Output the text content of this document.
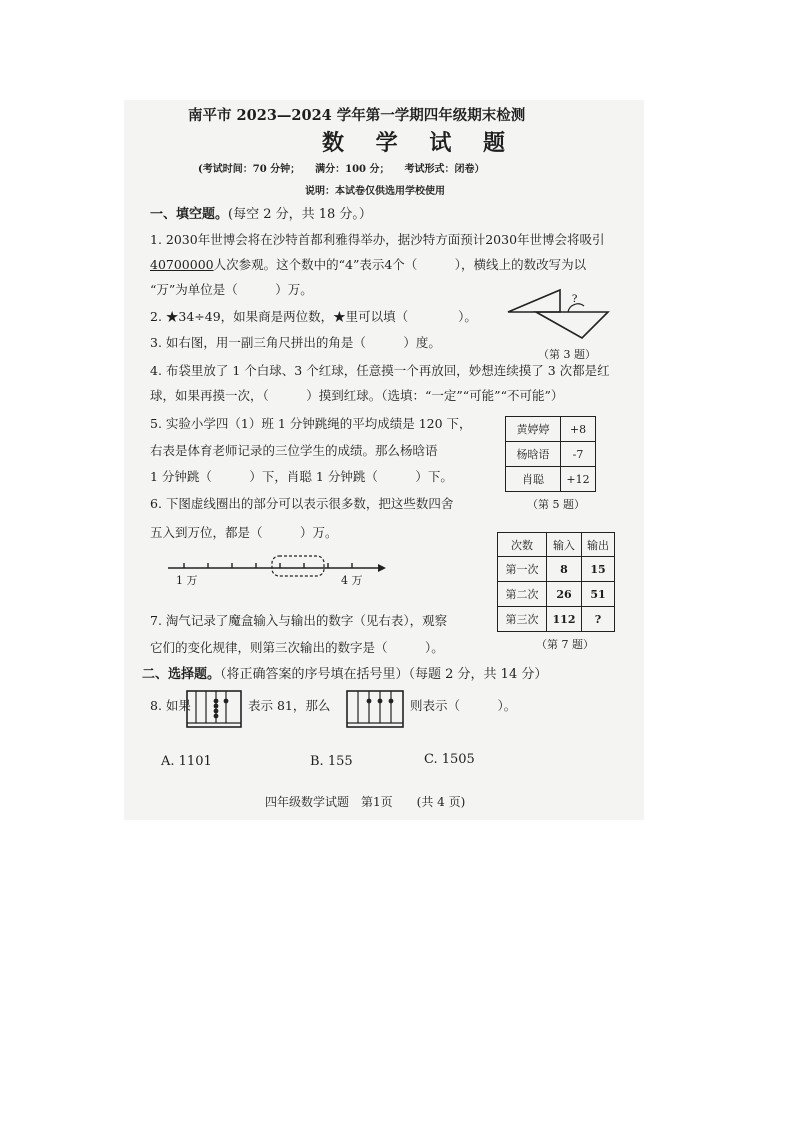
南平市 2023—2024 学年第一学期四年级期末检测
数 学 试 题
(考试时间：70 分钟；　　满分：100 分；　　考试形式：闭卷）
说明：本试卷仅供选用学校使用
一、填空题。(每空 2 分，共 18 分。）
1. 2030年世博会将在沙特首都利雅得举办，据沙特方面预计2030年世博会将吸引
40700000人次参观。这个数中的“4”表示4个（　　　），横线上的数改写为以
“万”为单位是（　　　）万。
?
2. ★34÷49，如果商是两位数，★里可以填（　　　　）。
3. 如右图，用一副三角尺拼出的角是（　　　）度。
（第 3 题）
4. 布袋里放了 1 个白球、3 个红球，任意摸一个再放回，妙想连续摸了 3 次都是红
球，如果再摸一次，（　　　）摸到红球。（选填：“一定”“可能”“不可能”）
5. 实验小学四（1）班 1 分钟跳绳的平均成绩是 120 下，
右表是体育老师记录的三位学生的成绩。那么杨晗语
1 分钟跳（　　　）下，肖聪 1 分钟跳（　　　）下。
黄婷婷	+8
杨晗语	-7
肖聪	+12
（第 5 题）
6. 下图虚线圈出的部分可以表示很多数，把这些数四舍
五入到万位，都是（　　　）万。
1 万	4 万
次数	输入	输出
第一次	8	15
第二次	26	51
第三次	112	?
（第 7 题）
7. 淘气记录了魔盒输入与输出的数字（见右表），观察
它们的变化规律，则第三次输出的数字是（　　　）。
二、选择题。（将正确答案的序号填在括号里）（每题 2 分，共 14 分）
8. 如果	表示 81，那么	则表示（　　　）。
A. 1101	B. 155	C. 1505
四年级数学试题　第1页　　(共 4 页)
